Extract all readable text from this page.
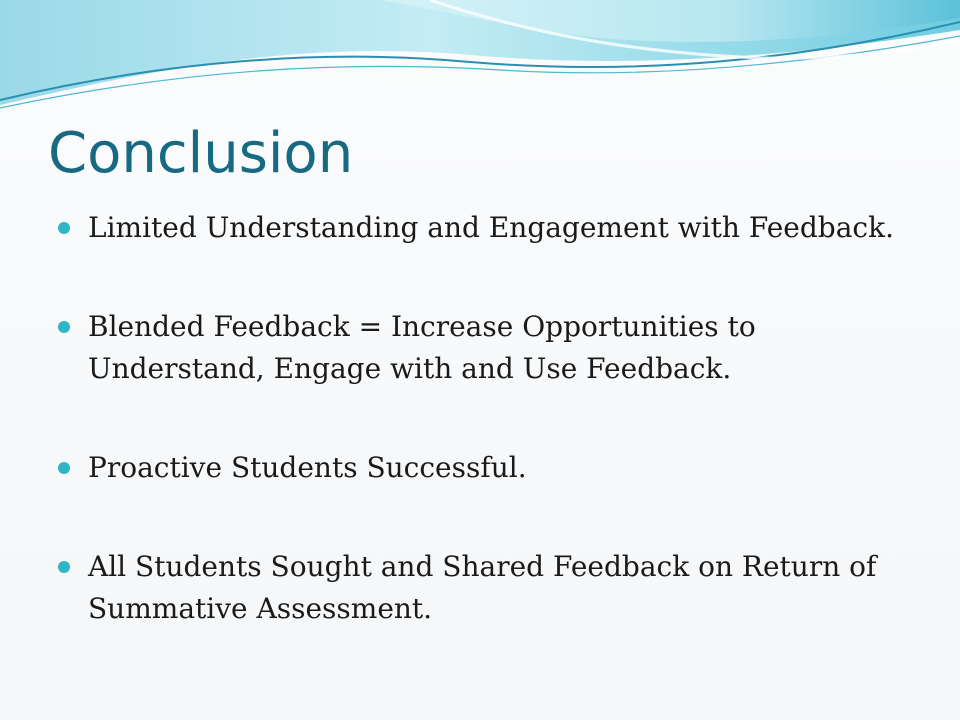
Conclusion
Limited Understanding and Engagement with Feedback.
Blended Feedback = Increase Opportunities to Understand, Engage with and Use Feedback.
Proactive Students Successful.
All Students Sought and Shared Feedback on Return of Summative Assessment.
